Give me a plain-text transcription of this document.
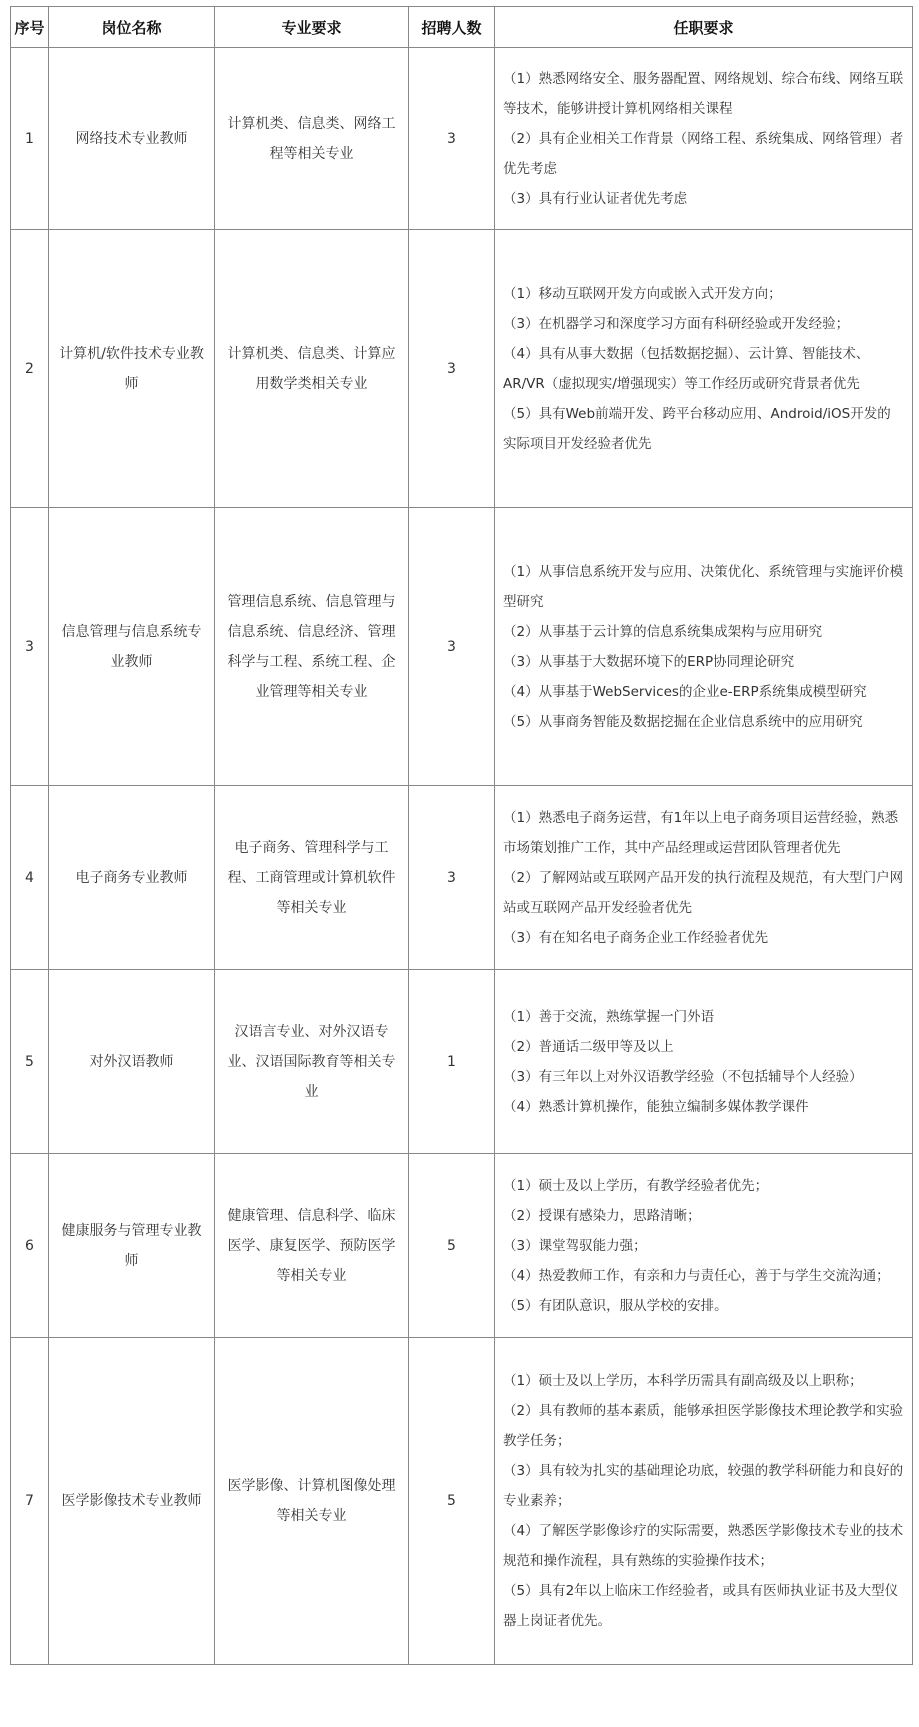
序号	岗位名称	专业要求	招聘人数	任职要求
1	网络技术专业教师	计算机类、信息类、网络工程等相关专业	3	（1）熟悉网络安全、服务器配置、网络规划、综合布线、网络互联等技术，能够讲授计算机网络相关课程
（2）具有企业相关工作背景（网络工程、系统集成、网络管理）者优先考虑
（3）具有行业认证者优先考虑

2	计算机/软件技术专业教师	计算机类、信息类、计算应用数学类相关专业	3	（1）移动互联网开发方向或嵌入式开发方向；
（3）在机器学习和深度学习方面有科研经验或开发经验；
（4）具有从事大数据（包括数据挖掘）、云计算、智能技术、AR/VR（虚拟现实/增强现实）等工作经历或研究背景者优先
（5）具有Web前端开发、跨平台移动应用、Android/iOS开发的实际项目开发经验者优先

3	信息管理与信息系统专业教师	管理信息系统、信息管理与信息系统、信息经济、管理科学与工程、系统工程、企业管理等相关专业	3	（1）从事信息系统开发与应用、决策优化、系统管理与实施评价模型研究
（2）从事基于云计算的信息系统集成架构与应用研究
（3）从事基于大数据环境下的ERP协同理论研究
（4）从事基于WebServices的企业e-ERP系统集成模型研究
（5）从事商务智能及数据挖掘在企业信息系统中的应用研究

4	电子商务专业教师	电子商务、管理科学与工程、工商管理或计算机软件等相关专业	3	（1）熟悉电子商务运营，有1年以上电子商务项目运营经验，熟悉市场策划推广工作，其中产品经理或运营团队管理者优先
（2）了解网站或互联网产品开发的执行流程及规范，有大型门户网站或互联网产品开发经验者优先
（3）有在知名电子商务企业工作经验者优先

5	对外汉语教师	汉语言专业、对外汉语专业、汉语国际教育等相关专业	1	（1）善于交流，熟练掌握一门外语
（2）普通话二级甲等及以上
（3）有三年以上对外汉语教学经验（不包括辅导个人经验）
（4）熟悉计算机操作，能独立编制多媒体教学课件

6	健康服务与管理专业教师	健康管理、信息科学、临床医学、康复医学、预防医学等相关专业	5	（1）硕士及以上学历，有教学经验者优先；
（2）授课有感染力，思路清晰；
（3）课堂驾驭能力强；
（4）热爱教师工作，有亲和力与责任心，善于与学生交流沟通；
（5）有团队意识，服从学校的安排。

7	医学影像技术专业教师	医学影像、计算机图像处理等相关专业	5	（1）硕士及以上学历，本科学历需具有副高级及以上职称；
（2）具有教师的基本素质，能够承担医学影像技术理论教学和实验教学任务；
（3）具有较为扎实的基础理论功底，较强的教学科研能力和良好的专业素养；
（4）了解医学影像诊疗的实际需要，熟悉医学影像技术专业的技术规范和操作流程，具有熟练的实验操作技术；
（5）具有2年以上临床工作经验者，或具有医师执业证书及大型仪器上岗证者优先。
